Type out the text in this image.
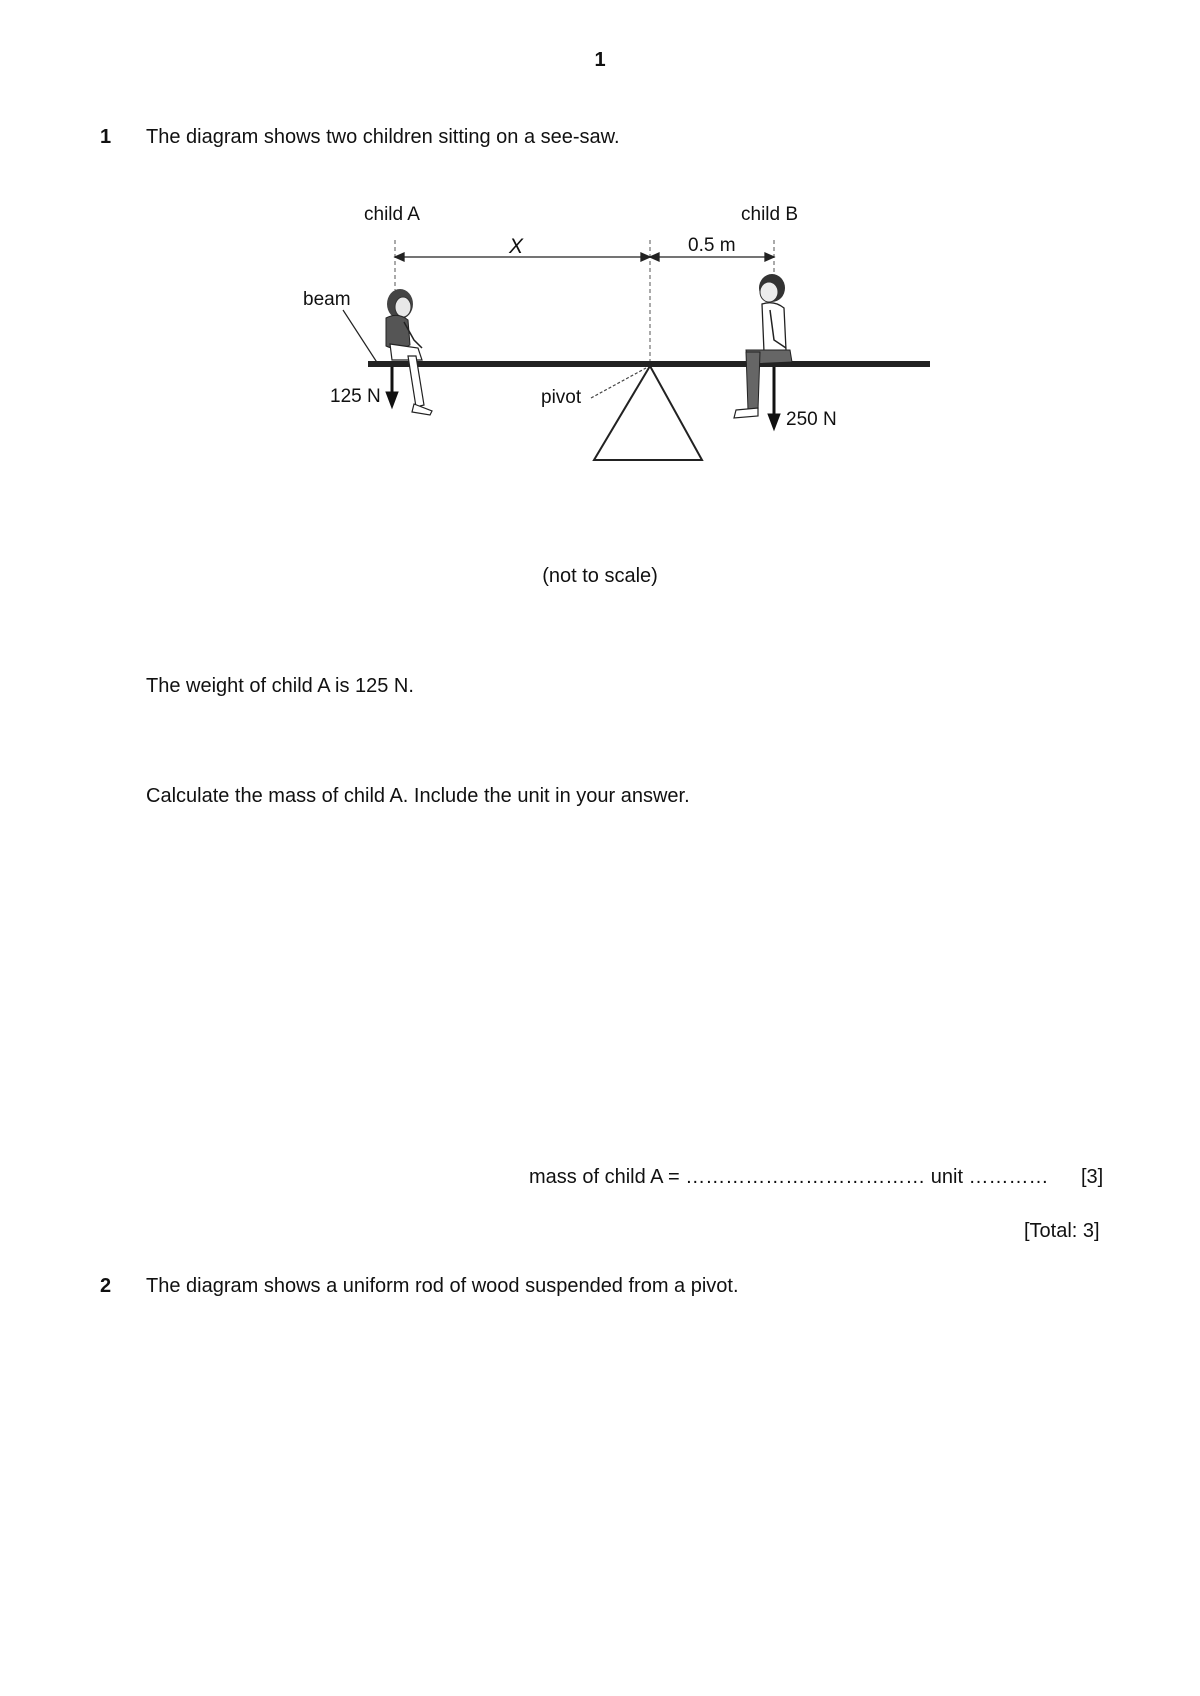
1
1 The diagram shows two children sitting on a see-saw.
child A	child B
X	0.5 m
beam
pivot
125 N
250 N
(not to scale)
The weight of child A is 125 N.
Calculate the mass of child A. Include the unit in your answer.
mass of child A = ……………………………… unit ………… [3]
[Total: 3]
2 The diagram shows a uniform rod of wood suspended from a pivot.
